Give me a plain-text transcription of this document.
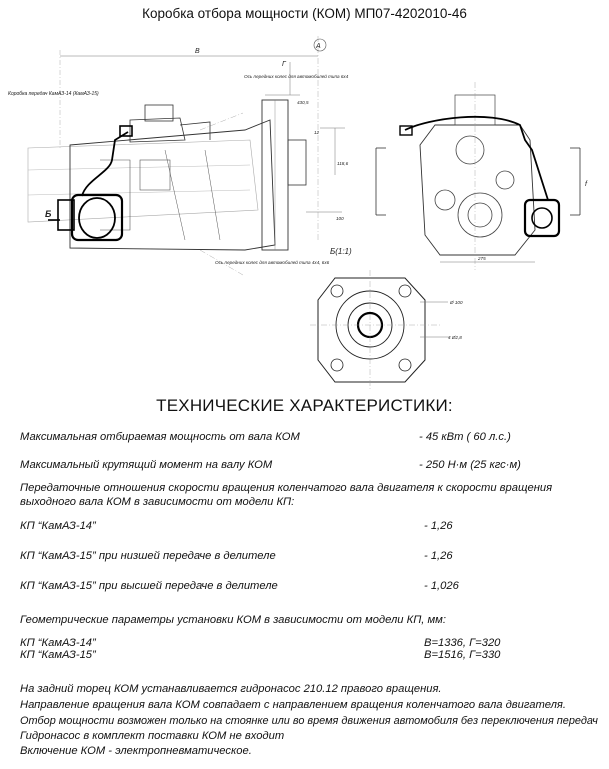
Коробка отбора мощности (КОМ) МП07-4202010-46
В
Г
А
Ось передних колес для автомобилей типа 6х4
Коробка передач КамАЗ-14 (КамАЗ-15)
430,5
12
118,6
100
Ось передних колес для автомобилей типа 4х4, 6х6
Б
Б(1:1)
275
f
Ø 100
4 Ø2,8
ТЕХНИЧЕСКИЕ ХАРАКТЕРИСТИКИ:
Максимальная отбираемая мощность от вала КОМ	- 45 кВт ( 60 л.с.)
Максимальный крутящий момент на валу КОМ	- 250 Н·м (25 кгс·м)
Передаточные отношения скорости вращения коленчатого вала двигателя к скорости вращения
выходного вала КОМ в зависимости от модели КП:
КП “КамАЗ-14”	- 1,26
КП “КамАЗ-15” при низшей передаче в делителе	- 1,26
КП “КамАЗ-15” при высшей передаче в делителе	- 1,026
Геометрические параметры установки КОМ в зависимости от модели КП, мм:
КП “КамАЗ-14”	В=1336, Г=320
КП “КамАЗ-15”	В=1516, Г=330
На задний торец КОМ устанавливается гидронасос 210.12 правого вращения.
Направление вращения вала КОМ совпадает с направлением вращения коленчатого вала двигателя.
Отбор мощности возможен только на стоянке или во время движения автомобиля без переключения передач
Гидронасос в комплект поставки КОМ не входит
Включение КОМ - электропневматическое.
